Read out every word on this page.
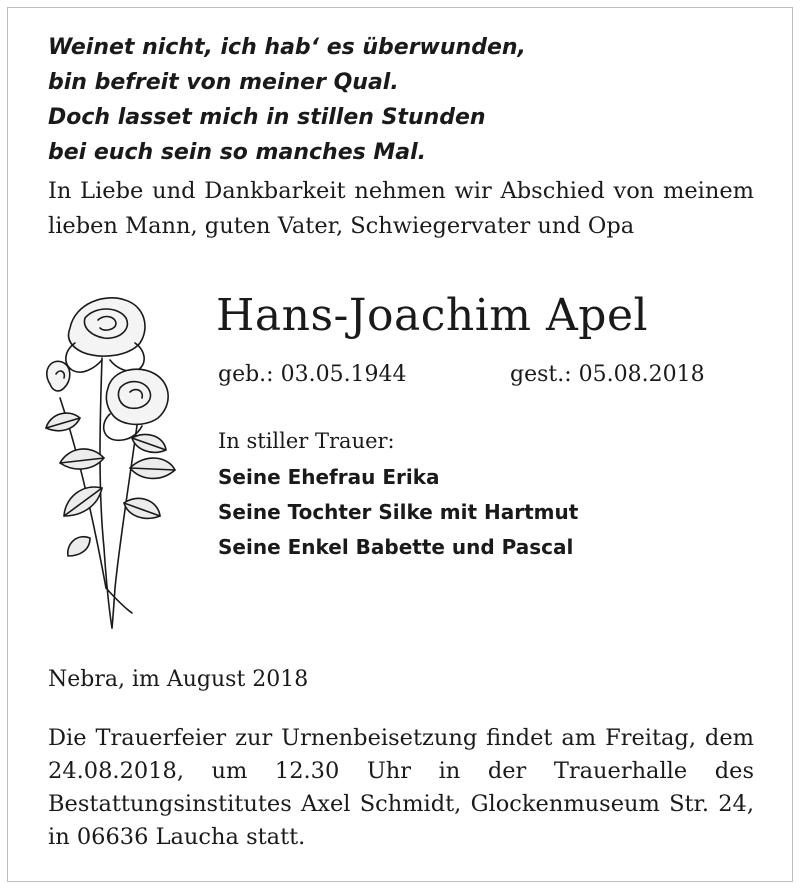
Weinet nicht, ich hab‘ es überwunden,
bin befreit von meiner Qual.
Doch lasset mich in stillen Stunden
bei euch sein so manches Mal.

In Liebe und Dankbarkeit nehmen wir Abschied von meinem lieben Mann, guten Vater, Schwiegervater und Opa

Hans-Joachim Apel
geb.: 03.05.1944	gest.: 05.08.2018
In stiller Trauer:
Seine Ehefrau Erika
Seine Tochter Silke mit Hartmut
Seine Enkel Babette und Pascal
Nebra, im August 2018

Die Trauerfeier zur Urnenbeisetzung findet am Freitag, dem 24.08.2018, um 12.30 Uhr in der Trauerhalle des Bestattungsinstitutes Axel Schmidt, Glockenmuseum Str. 24, in 06636 Laucha statt.
